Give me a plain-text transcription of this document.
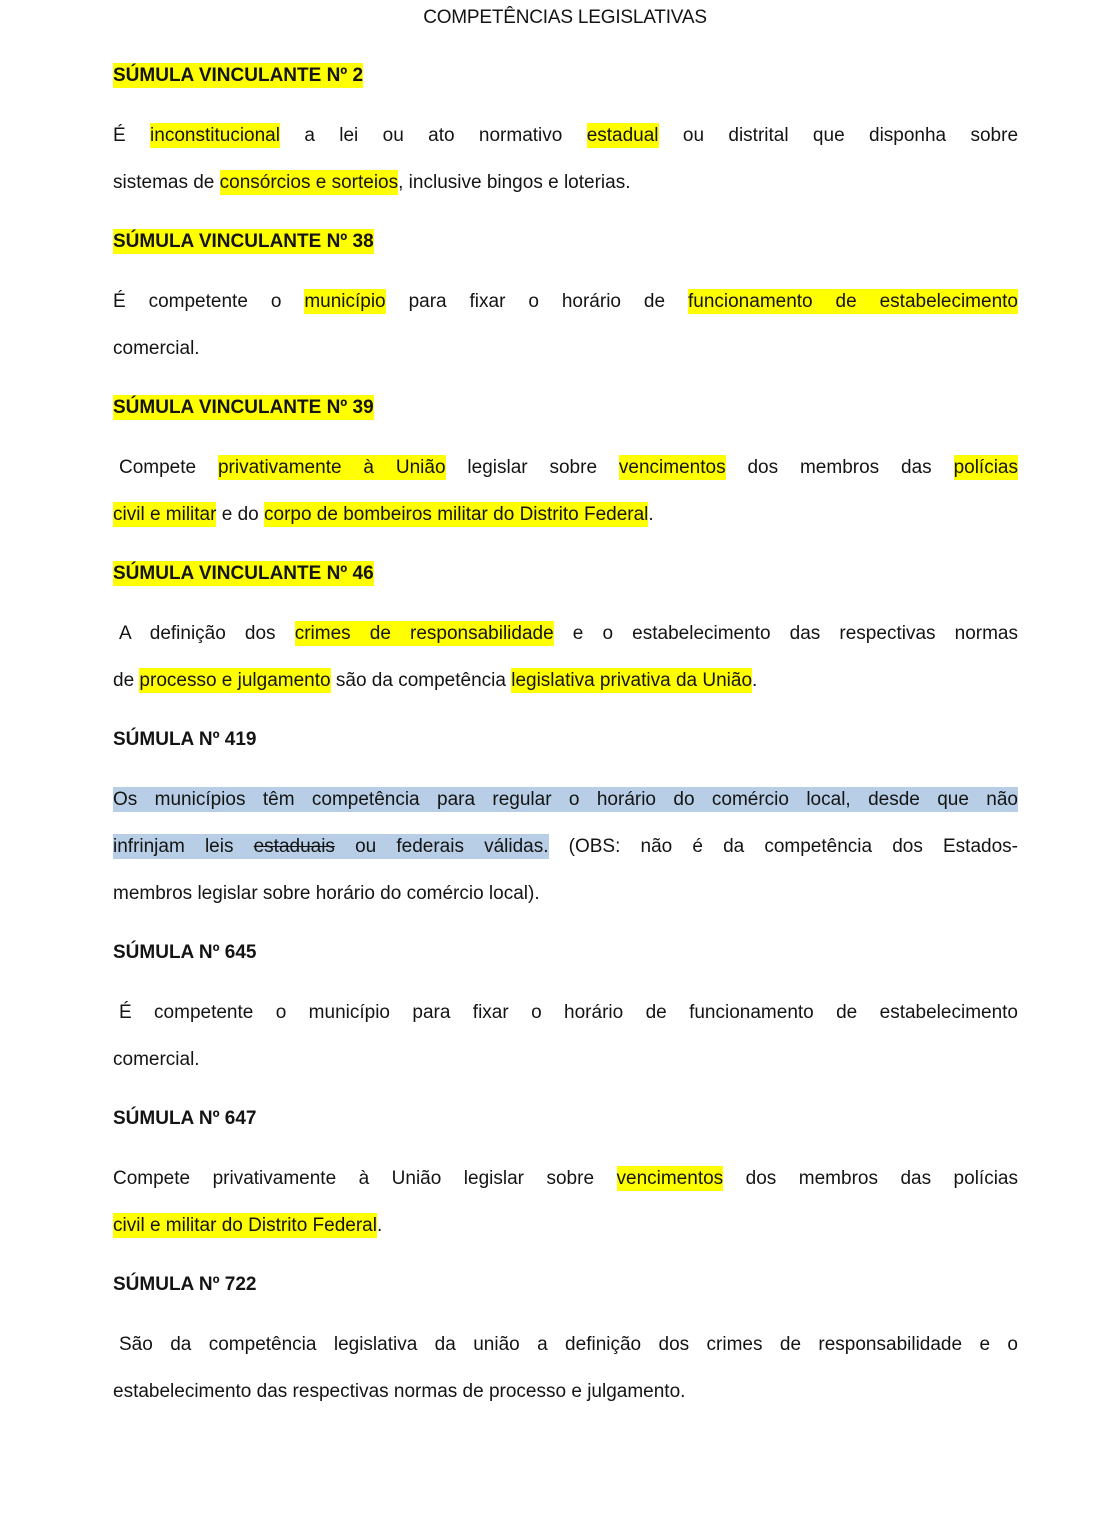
COMPETÊNCIAS LEGISLATIVAS
SÚMULA VINCULANTE Nº 2
É inconstitucional a lei ou ato normativo estadual ou distrital que disponha sobre
sistemas de consórcios e sorteios, inclusive bingos e loterias.
SÚMULA VINCULANTE Nº 38
É competente o município para fixar o horário de funcionamento de estabelecimento
comercial.
SÚMULA VINCULANTE Nº 39
Compete privativamente à União legislar sobre vencimentos dos membros das polícias
civil e militar e do corpo de bombeiros militar do Distrito Federal.
SÚMULA VINCULANTE Nº 46
A definição dos crimes de responsabilidade e o estabelecimento das respectivas normas
de processo e julgamento são da competência legislativa privativa da União.
SÚMULA Nº 419
Os municípios têm competência para regular o horário do comércio local, desde que não
infrinjam leis estaduais ou federais válidas. (OBS: não é da competência dos Estados-
membros legislar sobre horário do comércio local).
SÚMULA Nº 645
É competente o município para fixar o horário de funcionamento de estabelecimento
comercial.
SÚMULA Nº 647
Compete privativamente à União legislar sobre vencimentos dos membros das polícias
civil e militar do Distrito Federal.
SÚMULA Nº 722
São da competência legislativa da união a definição dos crimes de responsabilidade e o
estabelecimento das respectivas normas de processo e julgamento.
